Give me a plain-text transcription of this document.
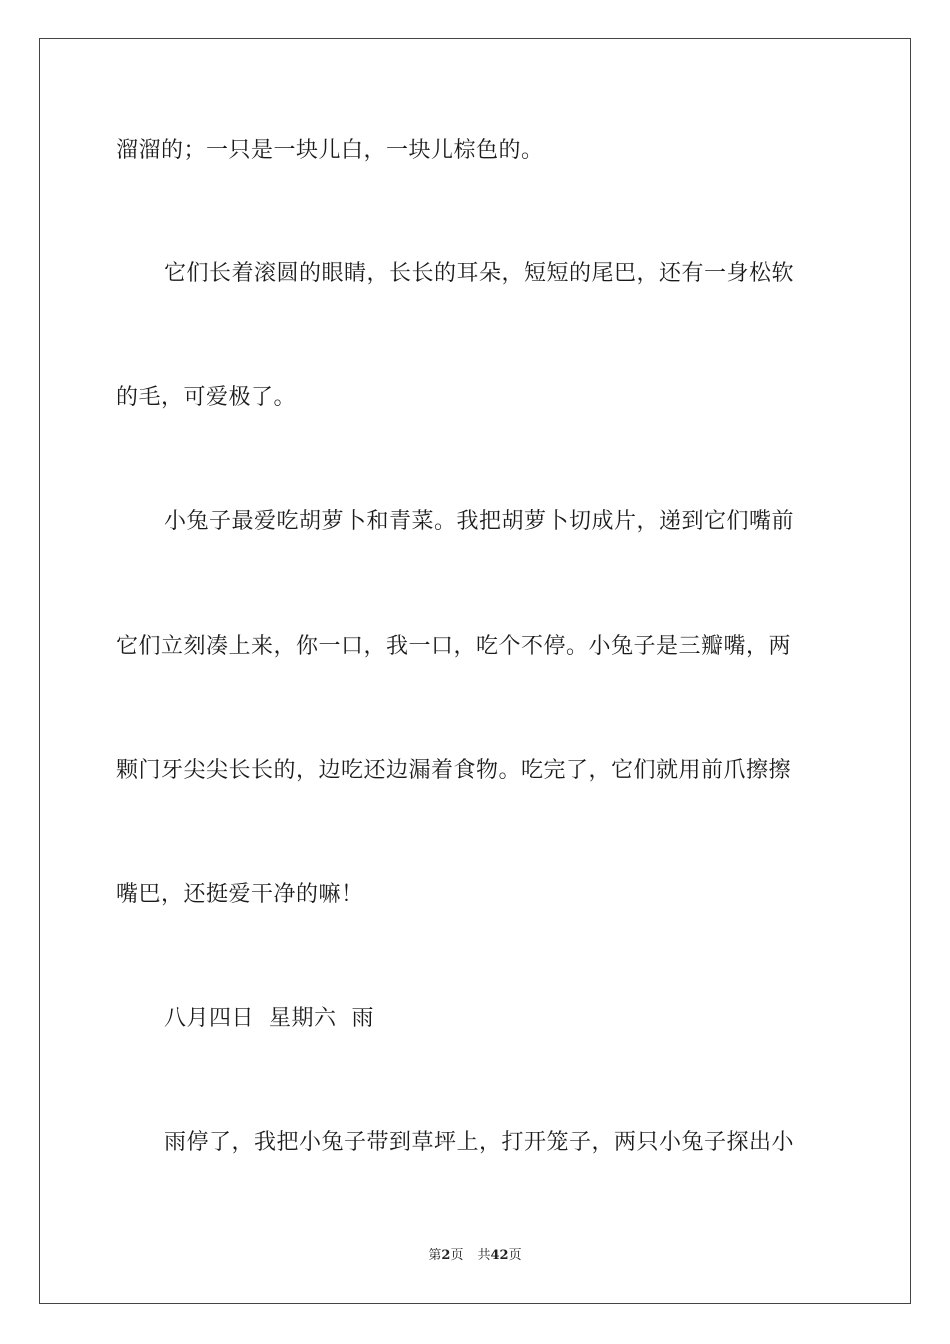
溜溜的；一只是一块儿白，一块儿棕色的。
它们长着滚圆的眼睛，长长的耳朵，短短的尾巴，还有一身松软
的毛，可爱极了。
小兔子最爱吃胡萝卜和青菜。我把胡萝卜切成片，递到它们嘴前
它们立刻凑上来，你一口，我一口，吃个不停。小兔子是三瓣嘴，两
颗门牙尖尖长长的，边吃还边漏着食物。吃完了，它们就用前爪擦擦
嘴巴，还挺爱干净的嘛！
八月四日  星期六  雨
雨停了，我把小兔子带到草坪上，打开笼子，两只小兔子探出小
第2页 共42页
